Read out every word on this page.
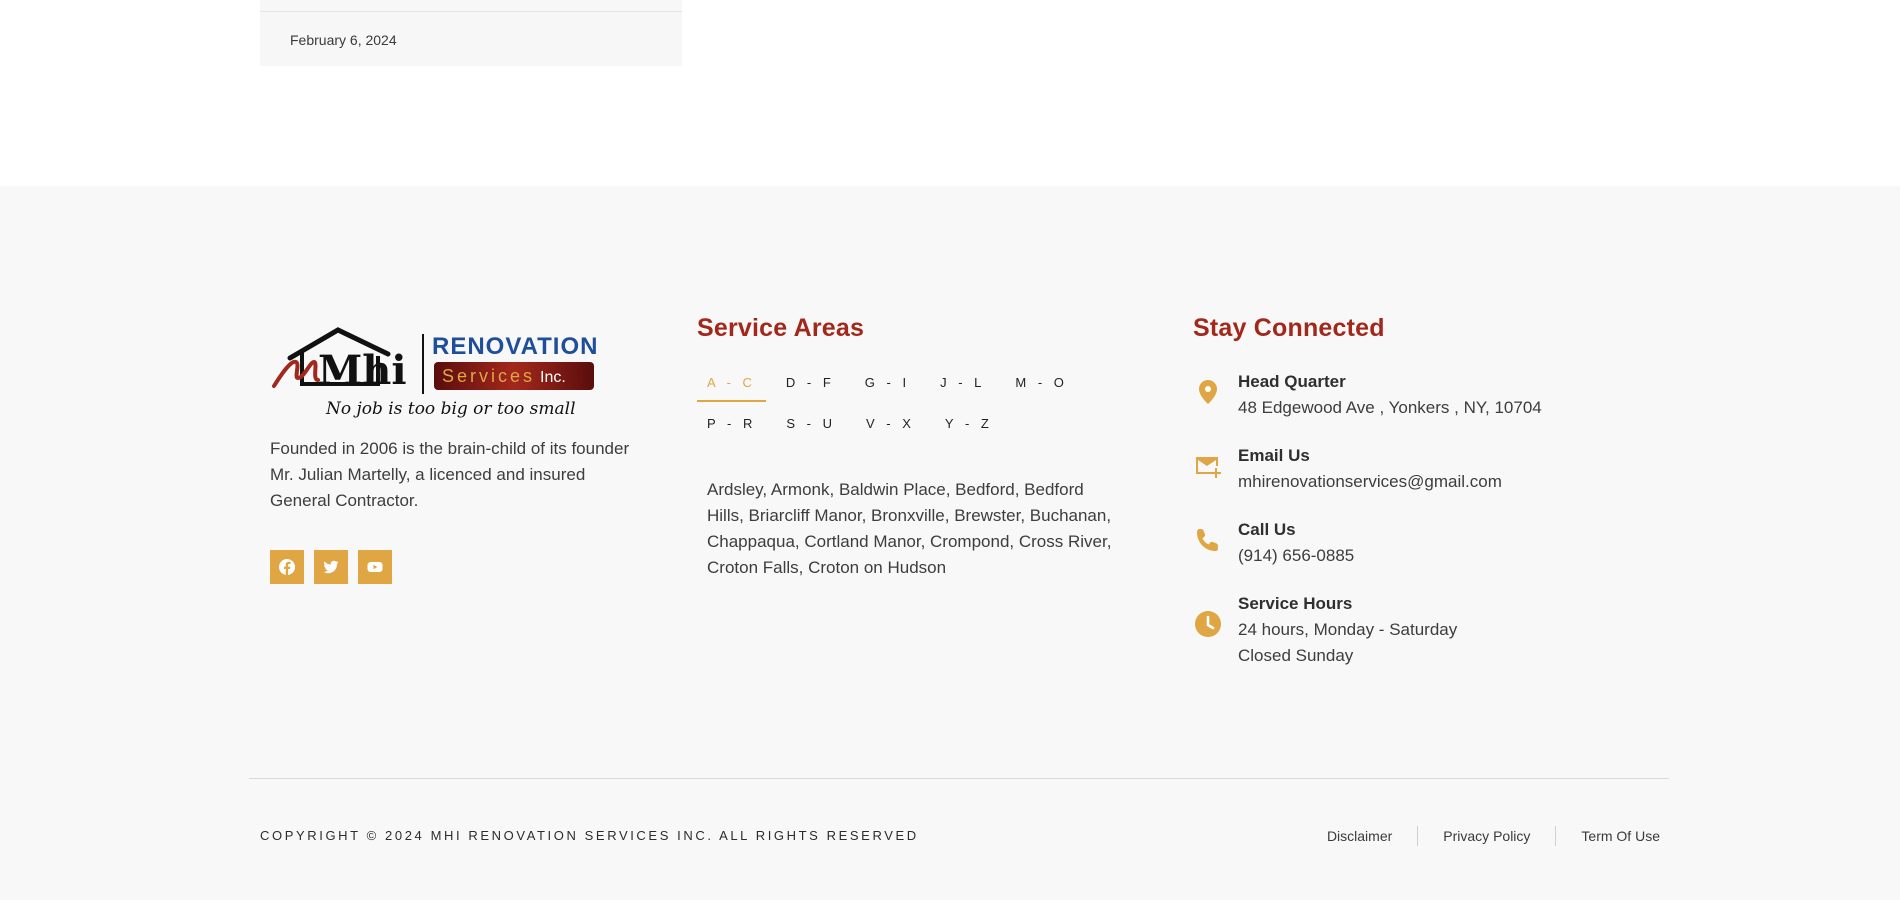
February 6, 2024
Mhi
RENOVATION
Services Inc.
No job is too big or too small

Founded in 2006 is the brain-child of its founder Mr. Julian Martelly, a licenced and insured General Contractor.

Service Areas
A - C	D - F	G - I	J - L	M - O
P - R	S - U	V - X	Y - Z

Ardsley, Armonk, Baldwin Place, Bedford, Bedford Hills, Briarcliff Manor, Bronxville, Brewster, Buchanan, Chappaqua, Cortland Manor, Crompond, Cross River, Croton Falls, Croton on Hudson

Stay Connected
Head Quarter
48 Edgewood Ave , Yonkers , NY, 10704
Email Us
mhirenovationservices@gmail.com
Call Us
(914) 656-0885
Service Hours
24 hours, Monday - Saturday
Closed Sunday
COPYRIGHT © 2024 MHI RENOVATION SERVICES INC. ALL RIGHTS RESERVED	Disclaimer	Privacy Policy	Term Of Use
